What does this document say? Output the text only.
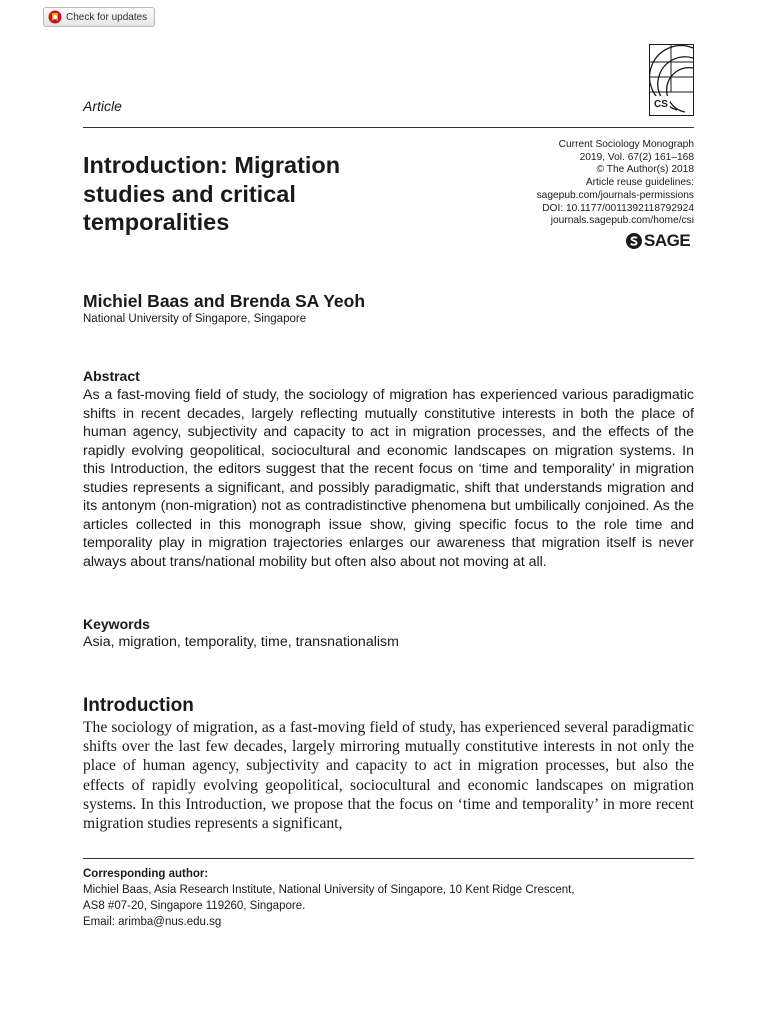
Check for updates
CS
Article
Current Sociology Monograph
2019, Vol. 67(2) 161–168
© The Author(s) 2018
Article reuse guidelines:
sagepub.com/journals-permissions
DOI: 10.1177/0011392118792924
journals.sagepub.com/home/csi
SAGE
Introduction: Migration
studies and critical
temporalities
Michiel Baas and Brenda SA Yeoh
National University of Singapore, Singapore
Abstract

As a fast-moving field of study, the sociology of migration has experienced various paradigmatic shifts in recent decades, largely reflecting mutually constitutive interests in both the place of human agency, subjectivity and capacity to act in migration processes, and the effects of the rapidly evolving geopolitical, sociocultural and economic landscapes on migration systems. In this Introduction, the editors suggest that the recent focus on ‘time and temporality’ in migration studies represents a significant, and possibly paradigmatic, shift that understands migration and its antonym (non-migration) not as contradistinctive phenomena but umbilically conjoined. As the articles collected in this monograph issue show, giving specific focus to the role time and temporality play in migration trajectories enlarges our awareness that migration itself is never always about trans/national mobility but often also about not moving at all.

Keywords

Asia, migration, temporality, time, transnationalism

Introduction

The sociology of migration, as a fast-moving field of study, has experienced several paradigmatic shifts over the last few decades, largely mirroring mutually constitutive interests in not only the place of human agency, subjectivity and capacity to act in migration processes, but also the effects of rapidly evolving geopolitical, sociocultural and economic landscapes on migration systems. In this Introduction, we propose that the focus on ‘time and temporality’ in more recent migration studies represents a significant,

Corresponding author:
Michiel Baas, Asia Research Institute, National University of Singapore, 10 Kent Ridge Crescent,
AS8 #07-20, Singapore 119260, Singapore.
Email: arimba@nus.edu.sg
